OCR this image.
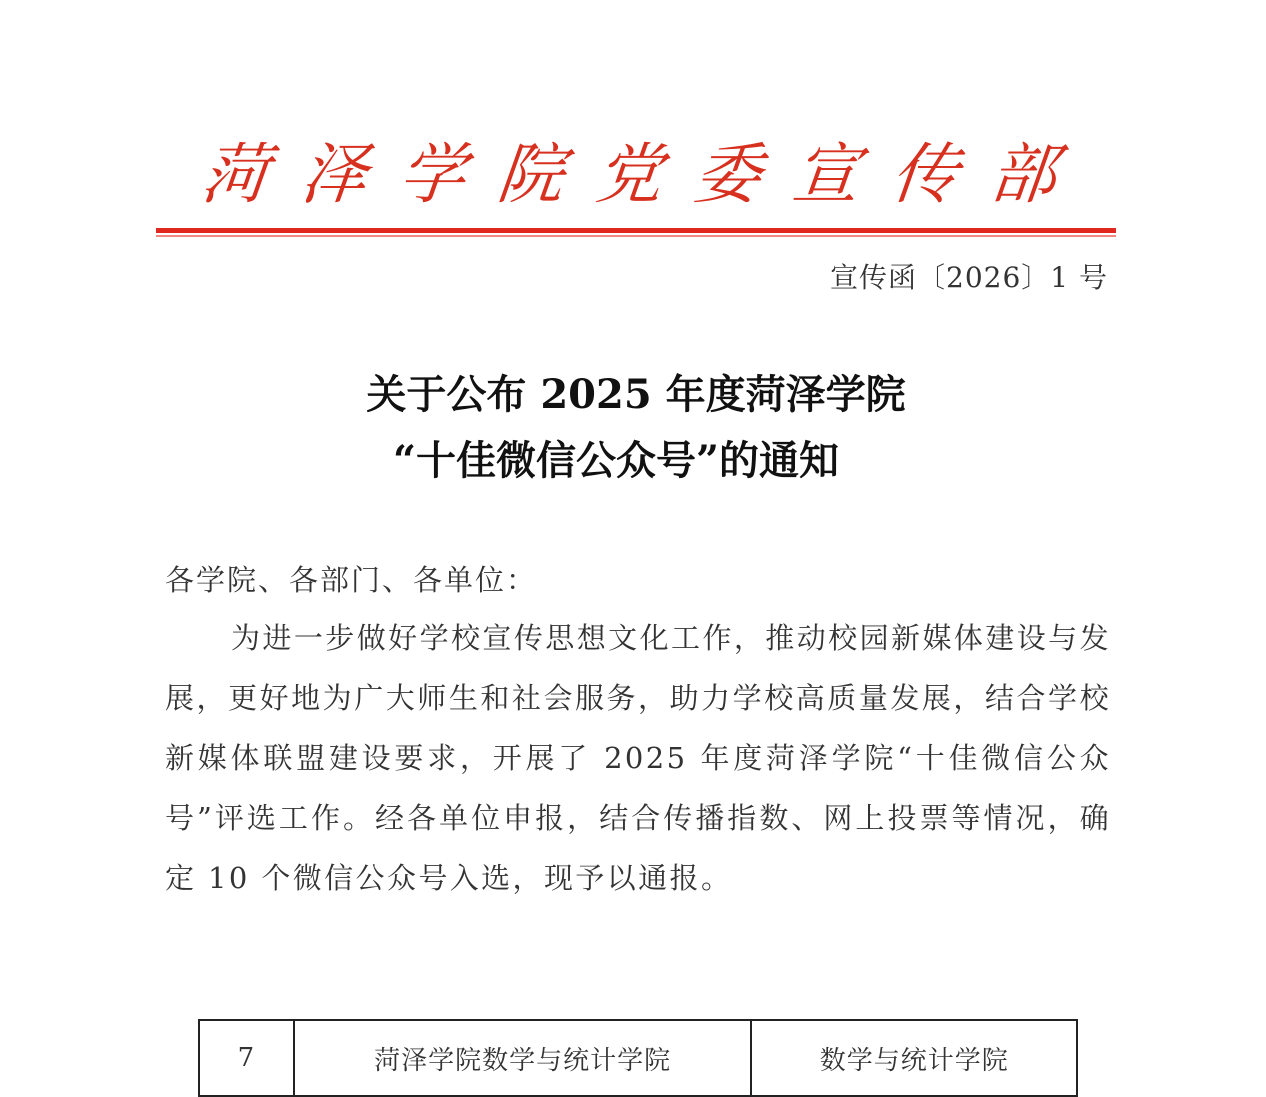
菏 泽 学 院 党 委 宣 传 部
宣传函〔2026〕1 号
关于公布 2025 年度菏泽学院
“十佳微信公众号”的通知
各学院、各部门、各单位：

为进一步做好学校宣传思想文化工作，推动校园新媒体建设与发展，更好地为广大师生和社会服务，助力学校高质量发展，结合学校新媒体联盟建设要求，开展了 2025 年度菏泽学院“十佳微信公众号”评选工作。经各单位申报，结合传播指数、网上投票等情况，确定 10 个微信公众号入选，现予以通报。

7	菏泽学院数学与统计学院	数学与统计学院
